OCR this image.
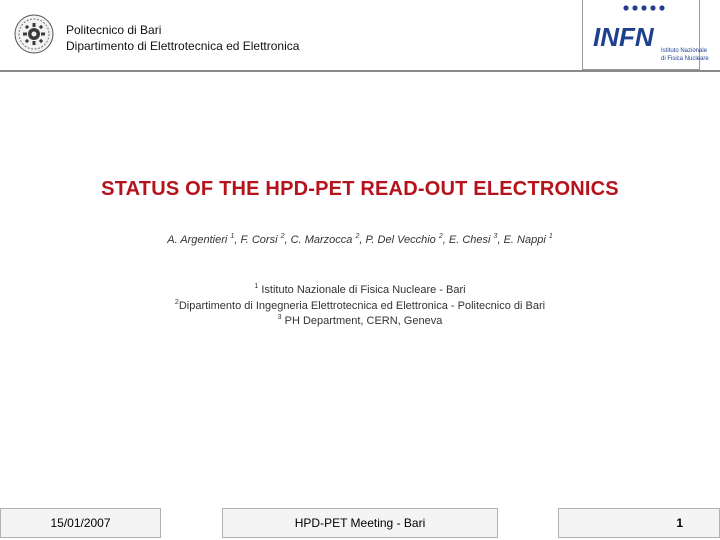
Politecnico di Bari
Dipartimento di Elettrotecnica ed Elettronica	INFN Istituto Nazionale
di Fisica Nucleare
STATUS OF THE HPD-PET READ-OUT ELECTRONICS
A. Argentieri $^1$, F. Corsi $^2$, C. Marzocca $^2$, P. Del Vecchio $^2$, E. Chesi $^3$, E. Nappi $^1$
$^1$ Istituto Nazionale di Fisica Nucleare - Bari
$^2$Dipartimento di Ingegneria Elettrotecnica ed Elettronica - Politecnico di Bari
$^3$ PH Department, CERN, Geneva
15/01/2007	HPD-PET Meeting - Bari	1
